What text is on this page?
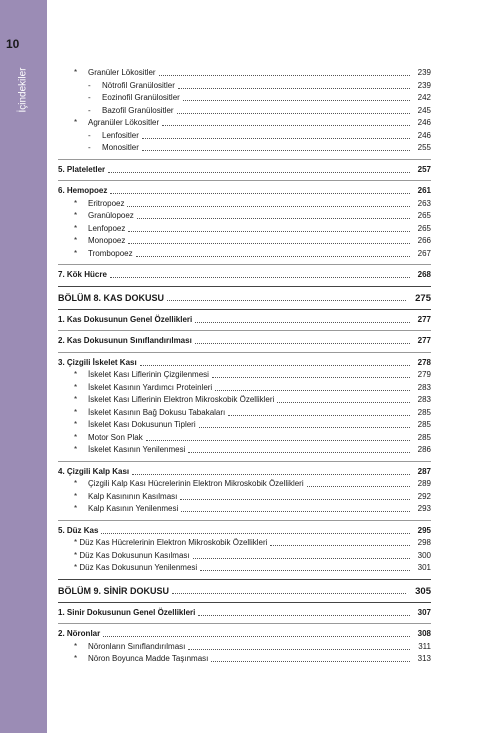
İçindekiler
10
*	Granüler Lökositler	239
-	Nötrofil Granülositler	239
-	Eozinofil Granülositler	242
-	Bazofil Granülositler	245
*	Agranüler Lökositler	246
-	Lenfositler	246
-	Monositler	255
5. Plateletler	257
6. Hemopoez	261
*	Eritropoez	263
*	Granülopoez	265
*	Lenfopoez	265
*	Monopoez	266
*	Trombopoez	267
7. Kök Hücre	268
BÖLÜM 8. KAS DOKUSU	275
1. Kas Dokusunun Genel Özellikleri	277
2. Kas Dokusunun Sınıflandırılması	277
3. Çizgili İskelet Kası	278
*	İskelet Kası Liflerinin Çizgilenmesi	279
*	İskelet Kasının Yardımcı Proteinleri	283
*	İskelet Kası Liflerinin Elektron Mikroskobik Özellikleri	283
*	İskelet Kasının Bağ Dokusu Tabakaları	285
*	İskelet Kası Dokusunun Tipleri	285
*	Motor Son Plak	285
*	İskelet Kasının Yenilenmesi	286
4. Çizgili Kalp Kası	287
*	Çizgili Kalp Kası Hücrelerinin Elektron Mikroskobik Özellikleri	289
*	Kalp Kasınının Kasılması	292
*	Kalp Kasının Yenilenmesi	293
5. Düz Kas	295
* Düz Kas Hücrelerinin Elektron Mikroskobik Özellikleri	298
* Düz Kas Dokusunun Kasılması	300
* Düz Kas Dokusunun Yenilenmesi	301
BÖLÜM 9. SİNİR DOKUSU	305
1. Sinir Dokusunun Genel Özellikleri	307
2. Nöronlar	308
*	Nöronların Sınıflandırılması	311
*	Nöron Boyunca Madde Taşınması	313
